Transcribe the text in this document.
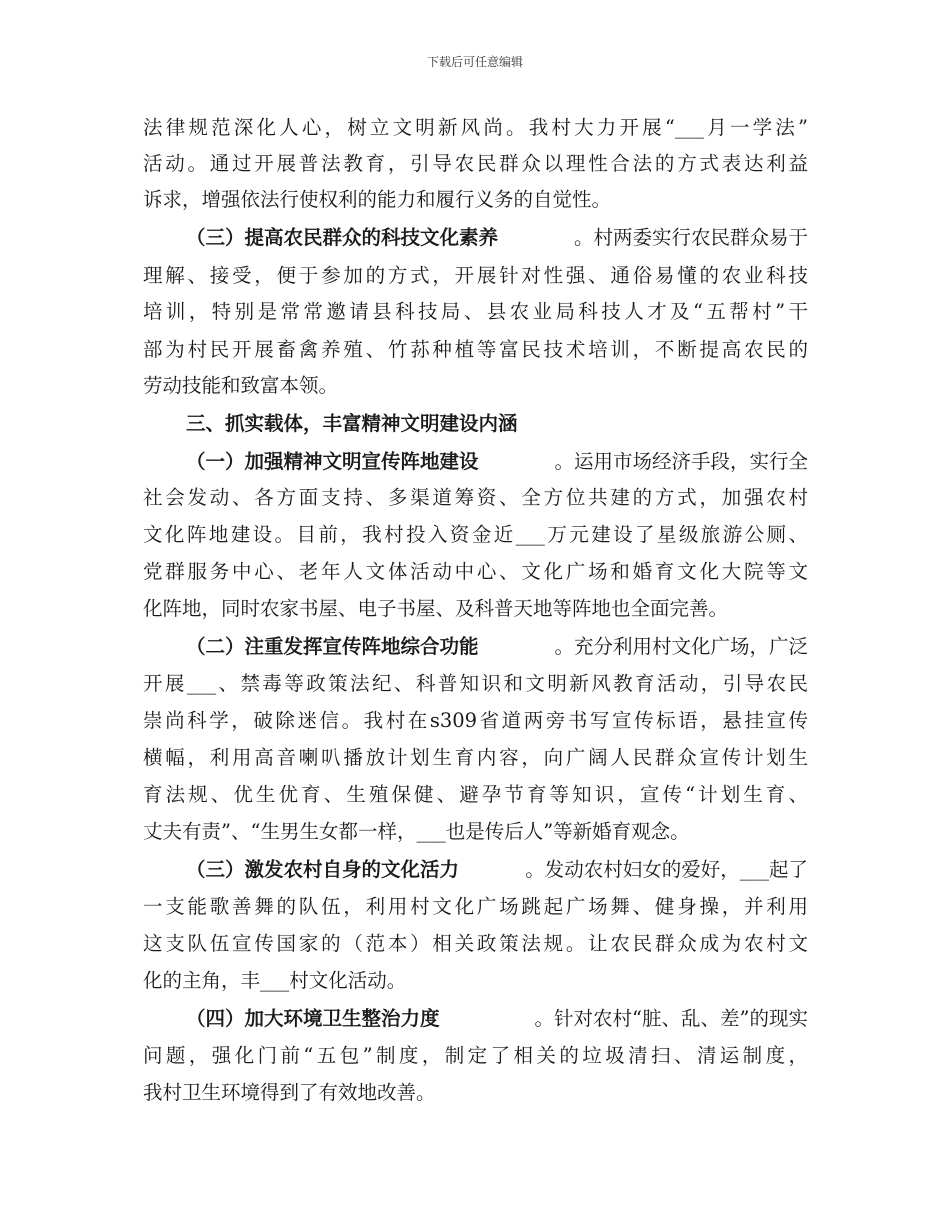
下载后可任意编辑
法律规范深化人心，树立文明新风尚。我村大力开展“___月一学法”
活动。通过开展普法教育，引导农民群众以理性合法的方式表达利益
诉求，增强依法行使权利的能力和履行义务的自觉性。
（三）提高农民群众的科技文化素养	。村两委实行农民群众易于
理解、接受，便于参加的方式，开展针对性强、通俗易懂的农业科技
培训，特别是常常邀请县科技局、县农业局科技人才及“五帮村”干
部为村民开展畜禽养殖、竹荪种植等富民技术培训，不断提高农民的
劳动技能和致富本领。
三、抓实载体，丰富精神文明建设内涵
（一）加强精神文明宣传阵地建设	。运用市场经济手段，实行全
社会发动、各方面支持、多渠道筹资、全方位共建的方式，加强农村
文化阵地建设。目前，我村投入资金近___万元建设了星级旅游公厕、
党群服务中心、老年人文体活动中心、文化广场和婚育文化大院等文
化阵地，同时农家书屋、电子书屋、及科普天地等阵地也全面完善。
（二）注重发挥宣传阵地综合功能	。充分利用村文化广场，广泛
开展___、禁毒等政策法纪、科普知识和文明新风教育活动，引导农民
崇尚科学，破除迷信。我村在s309省道两旁书写宣传标语，悬挂宣传
横幅，利用高音喇叭播放计划生育内容，向广阔人民群众宣传计划生
育法规、优生优育、生殖保健、避孕节育等知识，宣传“计划生育、
丈夫有责”、“生男生女都一样，___也是传后人”等新婚育观念。
（三）激发农村自身的文化活力	。发动农村妇女的爱好，___起了
一支能歌善舞的队伍，利用村文化广场跳起广场舞、健身操，并利用
这支队伍宣传国家的（范本）相关政策法规。让农民群众成为农村文
化的主角，丰___村文化活动。
（四）加大环境卫生整治力度	。针对农村“脏、乱、差”的现实
问题，强化门前“五包”制度，制定了相关的垃圾清扫、清运制度，
我村卫生环境得到了有效地改善。
